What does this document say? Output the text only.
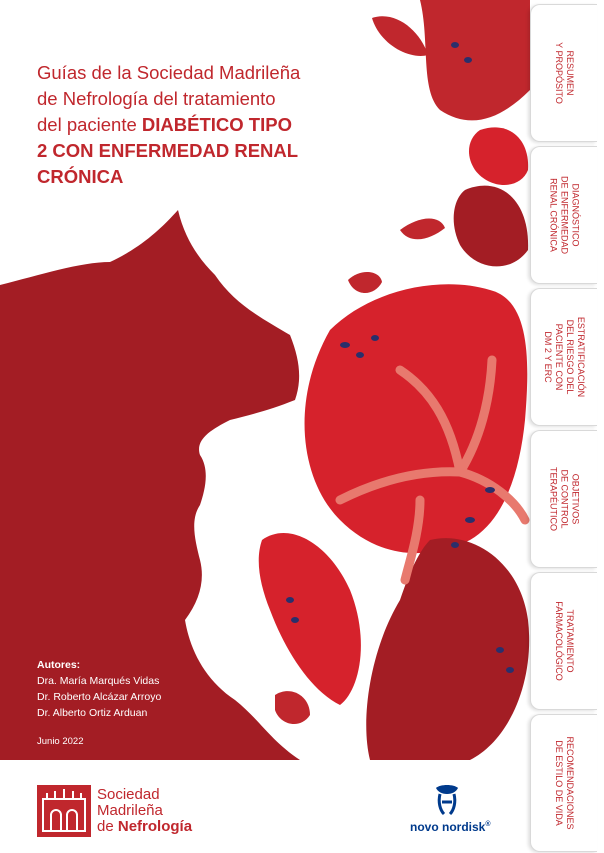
Guías de la Sociedad Madrileña
de Nefrología del tratamiento
del paciente DIABÉTICO TIPO
2 CON ENFERMEDAD RENAL
CRÓNICA
Autores:
Dra. María Marqués Vidas
Dr. Roberto Alcázar Arroyo
Dr. Alberto Ortiz Arduan
Junio 2022
RESUMEN
Y PROPÓSITO
DIAGNÓSTICO
DE ENFERMEDAD
RENAL CRÓNICA
ESTRATIFICACIÓN
DEL RIESGO DEL
PACIENTE CON
DM 2 Y ERC
OBJETIVOS
DE CONTROL
TERAPÉUTICO
TRATAMIENTO
FARMACOLÓGICO
RECOMENDACIONES
DE ESTILO DE VIDA
Sociedad
Madrileña
de Nefrología	novo nordisk®
